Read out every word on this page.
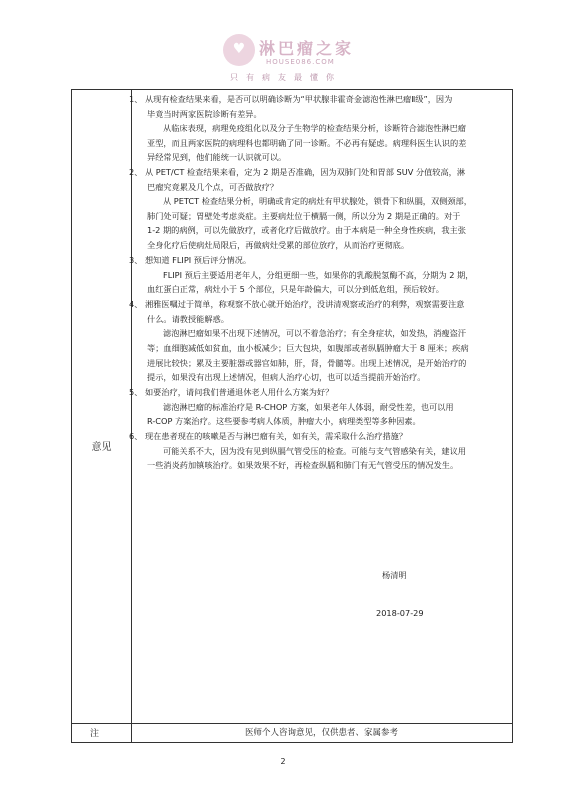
♥ 淋巴瘤之家
HOUSE086.COM
只有病友最懂你
意见
注	医师个人咨询意见，仅供患者、家属参考
2
1、 从现有检查结果来看，是否可以明确诊断为“甲状腺非霍奇金滤泡性淋巴瘤Ⅱ级”，因为
毕竟当时两家医院诊断有差异。
从临床表现，病理免疫组化以及分子生物学的检查结果分析，诊断符合滤泡性淋巴瘤
亚型，而且两家医院的病理科也都明确了同一诊断。不必再有疑虑。病理科医生认识的差
异经常见到，他们能统一认识就可以。
2、 从 PET/CT 检查结果来看，定为 2 期是否准确，因为双肺门处和胃部 SUV 分值较高，淋
巴瘤究竟累及几个点，可否做放疗？
从 PETCT 检查结果分析，明确或肯定的病灶有甲状腺处，锁骨下和纵膈，双侧颈部，
肺门处可疑；胃壁处考虑炎症。主要病灶位于横膈一侧，所以分为 2 期是正确的。对于
1-2 期的病例，可以先做放疗，或者化疗后做放疗。由于本病是一种全身性疾病，我主张
全身化疗后使病灶局限后，再做病灶受累的部位放疗，从而治疗更彻底。
3、 想知道 FLIPI 预后评分情况。
FLIPI 预后主要适用老年人，分组更细一些，如果你的乳酸脱氢酶不高，分期为 2 期，
血红蛋白正常，病灶小于 5 个部位，只是年龄偏大，可以分到低危组，预后较好。
4、 湘雅医嘱过于简单，称观察不放心就开始治疗，没讲清观察或治疗的利弊，观察需要注意
什么。请教授能解惑。
滤泡淋巴瘤如果不出现下述情况，可以不着急治疗；有全身症状，如发热，消瘦盗汗
等；血细胞减低如贫血，血小板减少；巨大包块，如腹部或者纵膈肿瘤大于 8 厘米；疾病
进展比较快；累及主要脏器或器官如肺，肝，肾，骨髓等。出现上述情况，是开始治疗的
提示，如果没有出现上述情况，但病人治疗心切，也可以适当提前开始治疗。
5、 如要治疗，请问我们普通退休老人用什么方案为好？
滤泡淋巴瘤的标准治疗是 R-CHOP 方案，如果老年人体弱，耐受性差，也可以用
R-COP 方案治疗。这些要参考病人体质，肿瘤大小，病理类型等多种因素。
6、 现在患者现在的咳嗽是否与淋巴瘤有关，如有关，需采取什么治疗措施？
可能关系不大，因为没有见到纵膈气管受压的检查。可能与支气管感染有关，建议用
一些消炎药加镇咳治疗。如果效果不好，再检查纵膈和肺门有无气管受压的情况发生。
杨清明
2018-07-29
